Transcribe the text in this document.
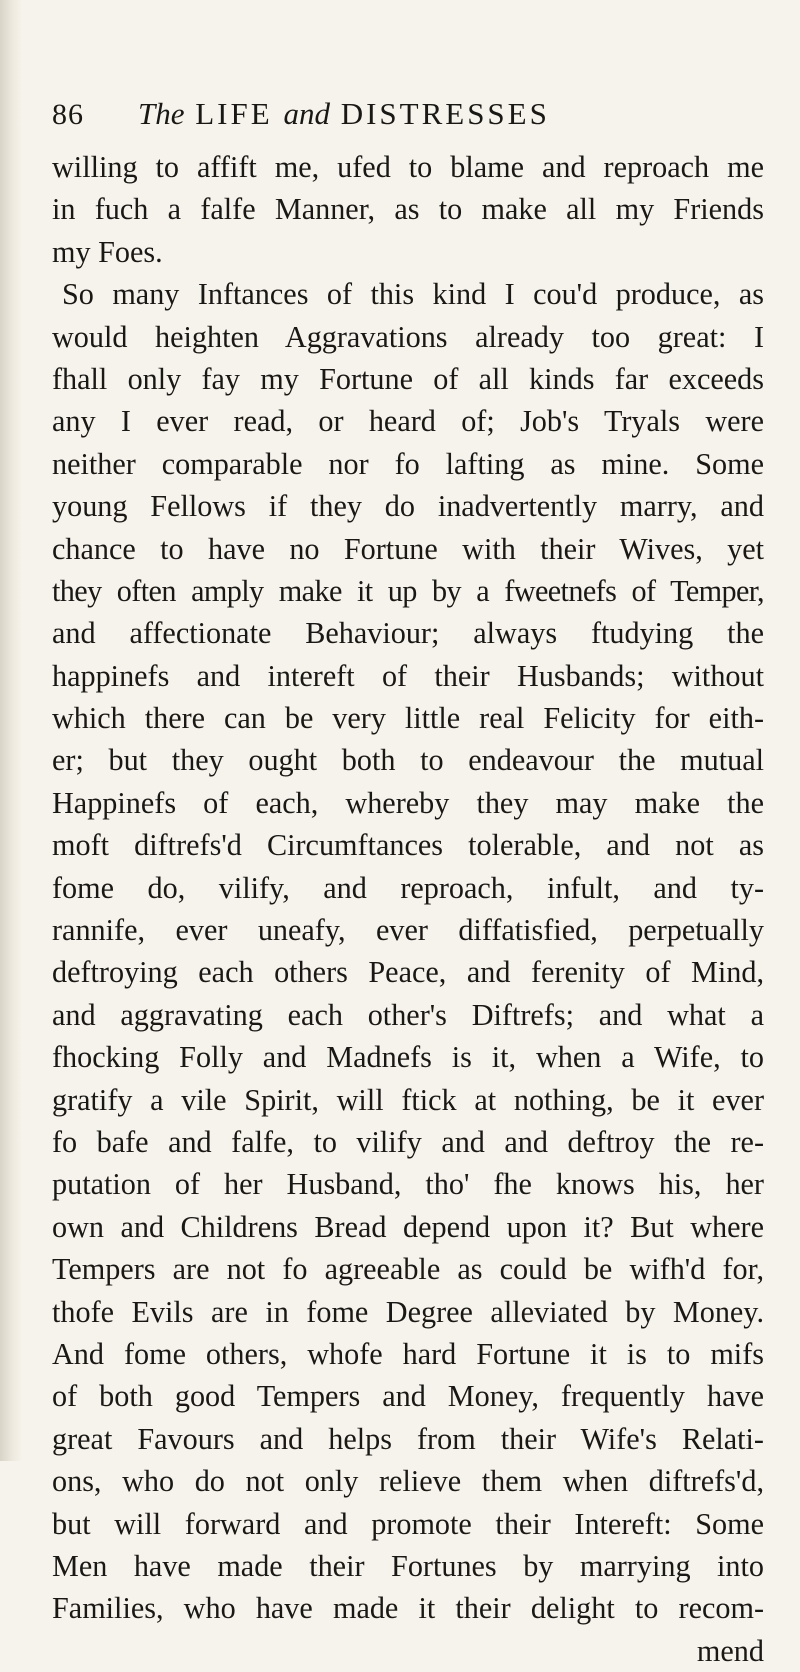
86	The LIFE and DISTRESSES
willing to affift me, ufed to blame and reproach me
in fuch a falfe Manner, as to make all my Friends
my Foes.
So many Inftances of this kind I cou'd produce, as
would heighten Aggravations already too great: I
fhall only fay my Fortune of all kinds far exceeds
any I ever read, or heard of; Job's Tryals were
neither comparable nor fo lafting as mine. Some
young Fellows if they do inadvertently marry, and
chance to have no Fortune with their Wives, yet
they often amply make it up by a fweetnefs of Temper,
and affectionate Behaviour; always ftudying the
happinefs and intereft of their Husbands; without
which there can be very little real Felicity for eith-
er; but they ought both to endeavour the mutual
Happinefs of each, whereby they may make the
moft diftrefs'd Circumftances tolerable, and not as
fome do, vilify, and reproach, infult, and ty-
rannife, ever uneafy, ever diffatisfied, perpetually
deftroying each others Peace, and ferenity of Mind,
and aggravating each other's Diftrefs; and what a
fhocking Folly and Madnefs is it, when a Wife, to
gratify a vile Spirit, will ftick at nothing, be it ever
fo bafe and falfe, to vilify and and deftroy the re-
putation of her Husband, tho' fhe knows his, her
own and Childrens Bread depend upon it? But where
Tempers are not fo agreeable as could be wifh'd for,
thofe Evils are in fome Degree alleviated by Money.
And fome others, whofe hard Fortune it is to mifs
of both good Tempers and Money, frequently have
great Favours and helps from their Wife's Relati-
ons, who do not only relieve them when diftrefs'd,
but will forward and promote their Intereft: Some
Men have made their Fortunes by marrying into
Families, who have made it their delight to recom-
mend
